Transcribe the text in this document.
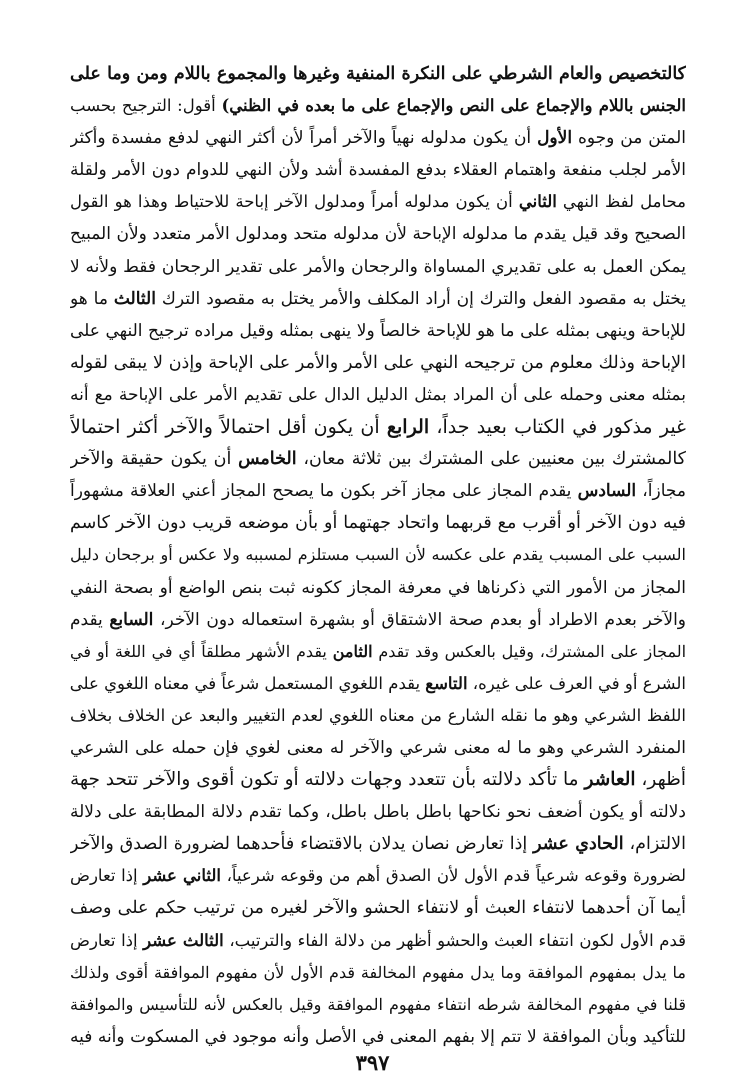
كالتخصيص والعام الشرطي على النكرة المنفية وغيرها والمجموع باللام ومن وما على
الجنس باللام والإجماع على النص والإجماع على ما بعده في الظني) أقول: الترجيح بحسب
المتن من وجوه الأول أن يكون مدلوله نهياً والآخر أمراً لأن أكثر النهي لدفع مفسدة وأكثر
الأمر لجلب منفعة واهتمام العقلاء بدفع المفسدة أشد ولأن النهي للدوام دون الأمر ولقلة
محامل لفظ النهي الثاني أن يكون مدلوله أمراً ومدلول الآخر إباحة للاحتياط وهذا هو القول
الصحيح وقد قيل يقدم ما مدلوله الإباحة لأن مدلوله متحد ومدلول الأمر متعدد ولأن المبيح
يمكن العمل به على تقديري المساواة والرجحان والأمر على تقدير الرجحان فقط ولأنه لا
يختل به مقصود الفعل والترك إن أراد المكلف والأمر يختل به مقصود الترك الثالث ما هو
للإباحة وينهى بمثله على ما هو للإباحة خالصاً ولا ينهى بمثله وقيل مراده ترجيح النهي على
الإباحة وذلك معلوم من ترجيحه النهي على الأمر والأمر على الإباحة وإذن لا يبقى لقوله
بمثله معنى وحمله على أن المراد بمثل الدليل الدال على تقديم الأمر على الإباحة مع أنه
غير مذكور في الكتاب بعيد جداً، الرابع أن يكون أقل احتمالاً والآخر أكثر احتمالاً
كالمشترك بين معنيين على المشترك بين ثلاثة معان، الخامس أن يكون حقيقة والآخر
مجازاً، السادس يقدم المجاز على مجاز آخر بكون ما يصحح المجاز أعني العلاقة مشهوراً
فيه دون الآخر أو أقرب مع قربهما واتحاد جهتهما أو بأن موضعه قريب دون الآخر كاسم
السبب على المسبب يقدم على عكسه لأن السبب مستلزم لمسببه ولا عكس أو برجحان دليل
المجاز من الأمور التي ذكرناها في معرفة المجاز ككونه ثبت بنص الواضع أو بصحة النفي
والآخر بعدم الاطراد أو بعدم صحة الاشتقاق أو بشهرة استعماله دون الآخر، السابع يقدم
المجاز على المشترك، وقيل بالعكس وقد تقدم الثامن يقدم الأشهر مطلقاً أي في اللغة أو في
الشرع أو في العرف على غيره، التاسع يقدم اللغوي المستعمل شرعاً في معناه اللغوي على
اللفظ الشرعي وهو ما نقله الشارع من معناه اللغوي لعدم التغيير والبعد عن الخلاف بخلاف
المنفرد الشرعي وهو ما له معنى شرعي والآخر له معنى لغوي فإن حمله على الشرعي
أظهر، العاشر ما تأكد دلالته بأن تتعدد وجهات دلالته أو تكون أقوى والآخر تتحد جهة
دلالته أو يكون أضعف نحو نكاحها باطل باطل باطل، وكما تقدم دلالة المطابقة على دلالة
الالتزام، الحادي عشر إذا تعارض نصان يدلان بالاقتضاء فأحدهما لضرورة الصدق والآخر
لضرورة وقوعه شرعياً قدم الأول لأن الصدق أهم من وقوعه شرعياً، الثاني عشر إذا تعارض
أيما آن أحدهما لانتفاء العبث أو لانتفاء الحشو والآخر لغيره من ترتيب حكم على وصف
قدم الأول لكون انتفاء العبث والحشو أظهر من دلالة الفاء والترتيب، الثالث عشر إذا تعارض
ما يدل بمفهوم الموافقة وما يدل مفهوم المخالفة قدم الأول لأن مفهوم الموافقة أقوى ولذلك
قلنا في مفهوم المخالفة شرطه انتفاء مفهوم الموافقة وقيل بالعكس لأنه للتأسيس والموافقة
للتأكيد وبأن الموافقة لا تتم إلا بفهم المعنى في الأصل وأنه موجود في المسكوت وأنه فيه
٣٩٧
